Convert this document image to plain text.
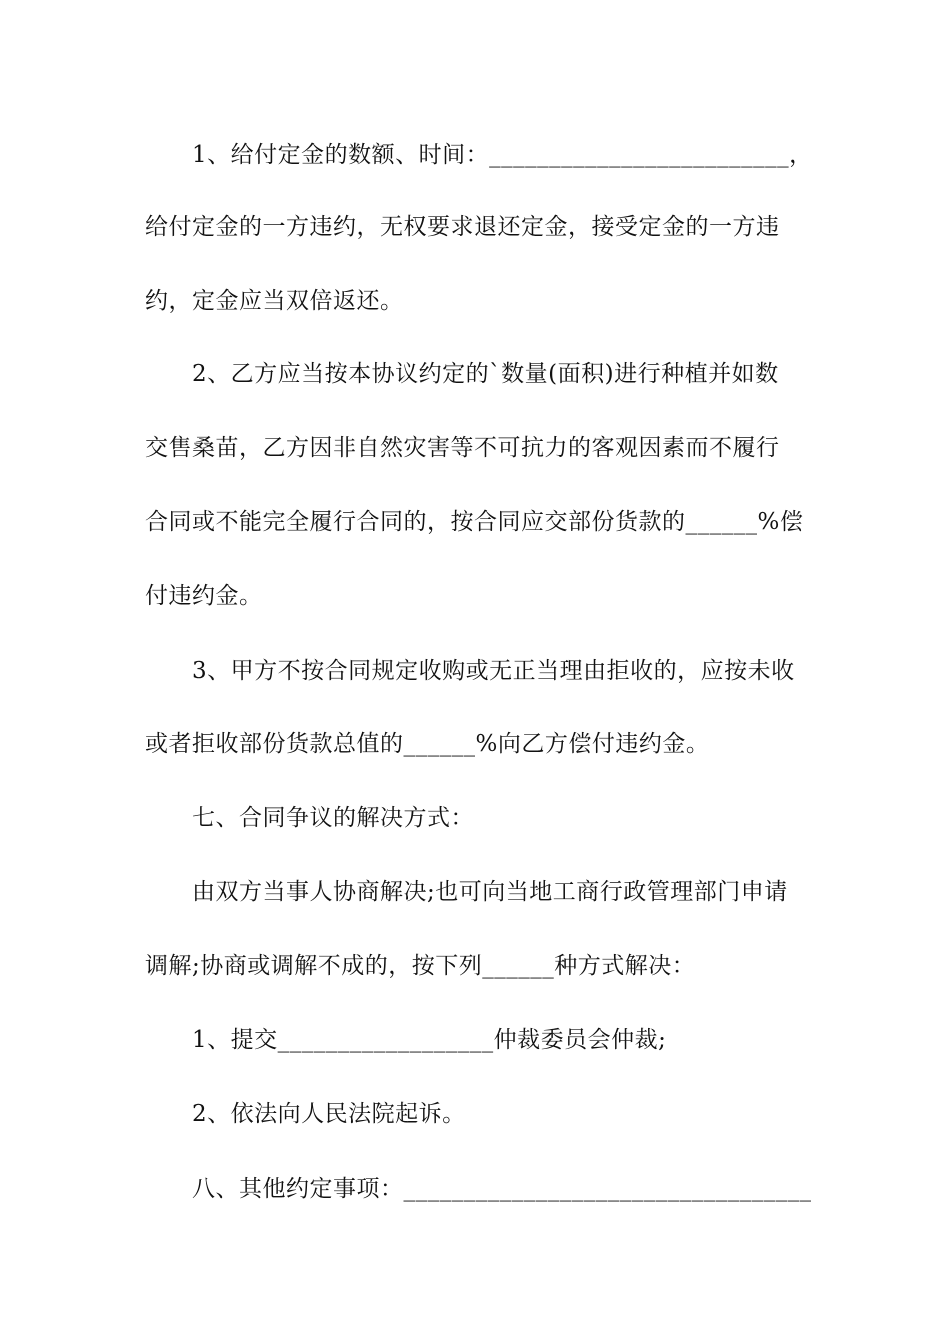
1、给付定金的数额、时间：_________________________，
给付定金的一方违约，无权要求退还定金，接受定金的一方违
约，定金应当双倍返还。
2、乙方应当按本协议约定的`数量(面积)进行种植并如数
交售桑苗，乙方因非自然灾害等不可抗力的客观因素而不履行
合同或不能完全履行合同的，按合同应交部份货款的______%偿
付违约金。
3、甲方不按合同规定收购或无正当理由拒收的，应按未收
或者拒收部份货款总值的______%向乙方偿付违约金。
七、合同争议的解决方式：
由双方当事人协商解决;也可向当地工商行政管理部门申请
调解;协商或调解不成的，按下列______种方式解决：
1、提交__________________仲裁委员会仲裁;
2、依法向人民法院起诉。
八、其他约定事项：__________________________________
